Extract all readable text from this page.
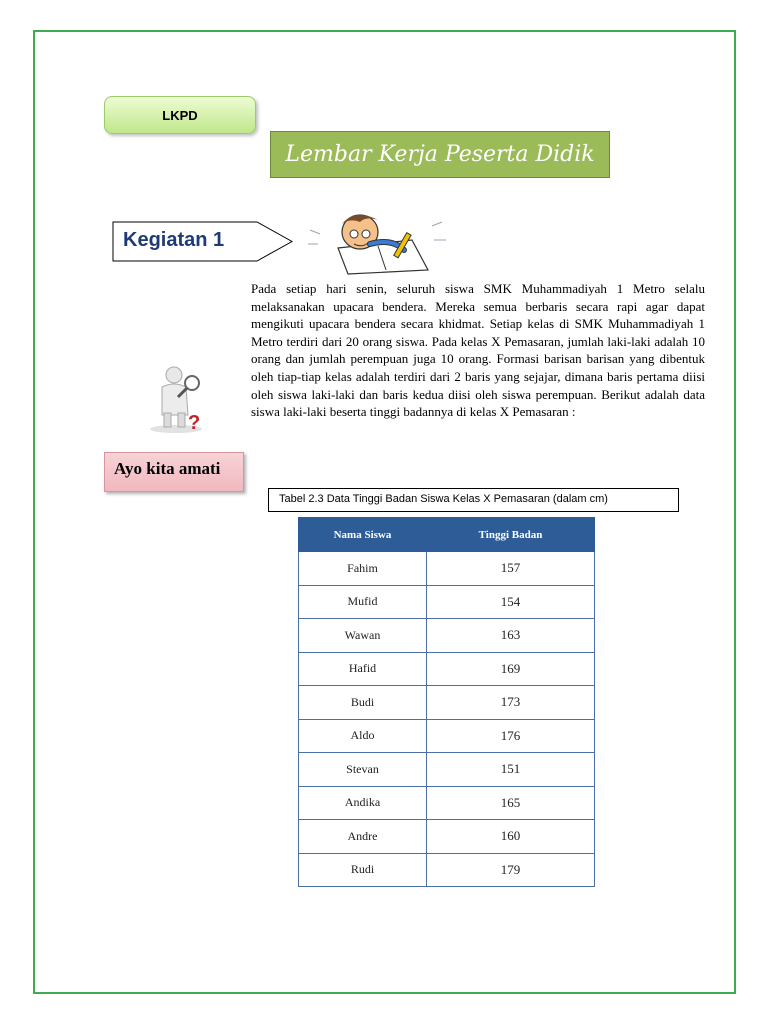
LKPD
Lembar Kerja Peserta Didik
Kegiatan 1
?

Pada setiap hari senin, seluruh siswa SMK Muhammadiyah 1 Metro selalu melaksanakan upacara bendera. Mereka semua berbaris secara rapi agar dapat mengikuti upacara bendera secara khidmat. Setiap kelas di SMK Muhammadiyah 1 Metro terdiri dari 20 orang siswa. Pada kelas X Pemasaran, jumlah laki-laki adalah 10 orang dan jumlah perempuan juga 10 orang. Formasi barisan barisan yang dibentuk oleh tiap-tiap kelas adalah terdiri dari 2 baris yang sejajar, dimana baris pertama diisi oleh siswa laki-laki dan baris kedua diisi oleh siswa perempuan. Berikut adalah data siswa laki-laki beserta tinggi badannya di kelas X Pemasaran :

Ayo kita amati
Tabel 2.3 Data Tinggi Badan Siswa Kelas X Pemasaran (dalam cm)
Nama Siswa	Tinggi Badan
Fahim	157
Mufid	154
Wawan	163
Hafid	169
Budi	173
Aldo	176
Stevan	151
Andika	165
Andre	160
Rudi	179
